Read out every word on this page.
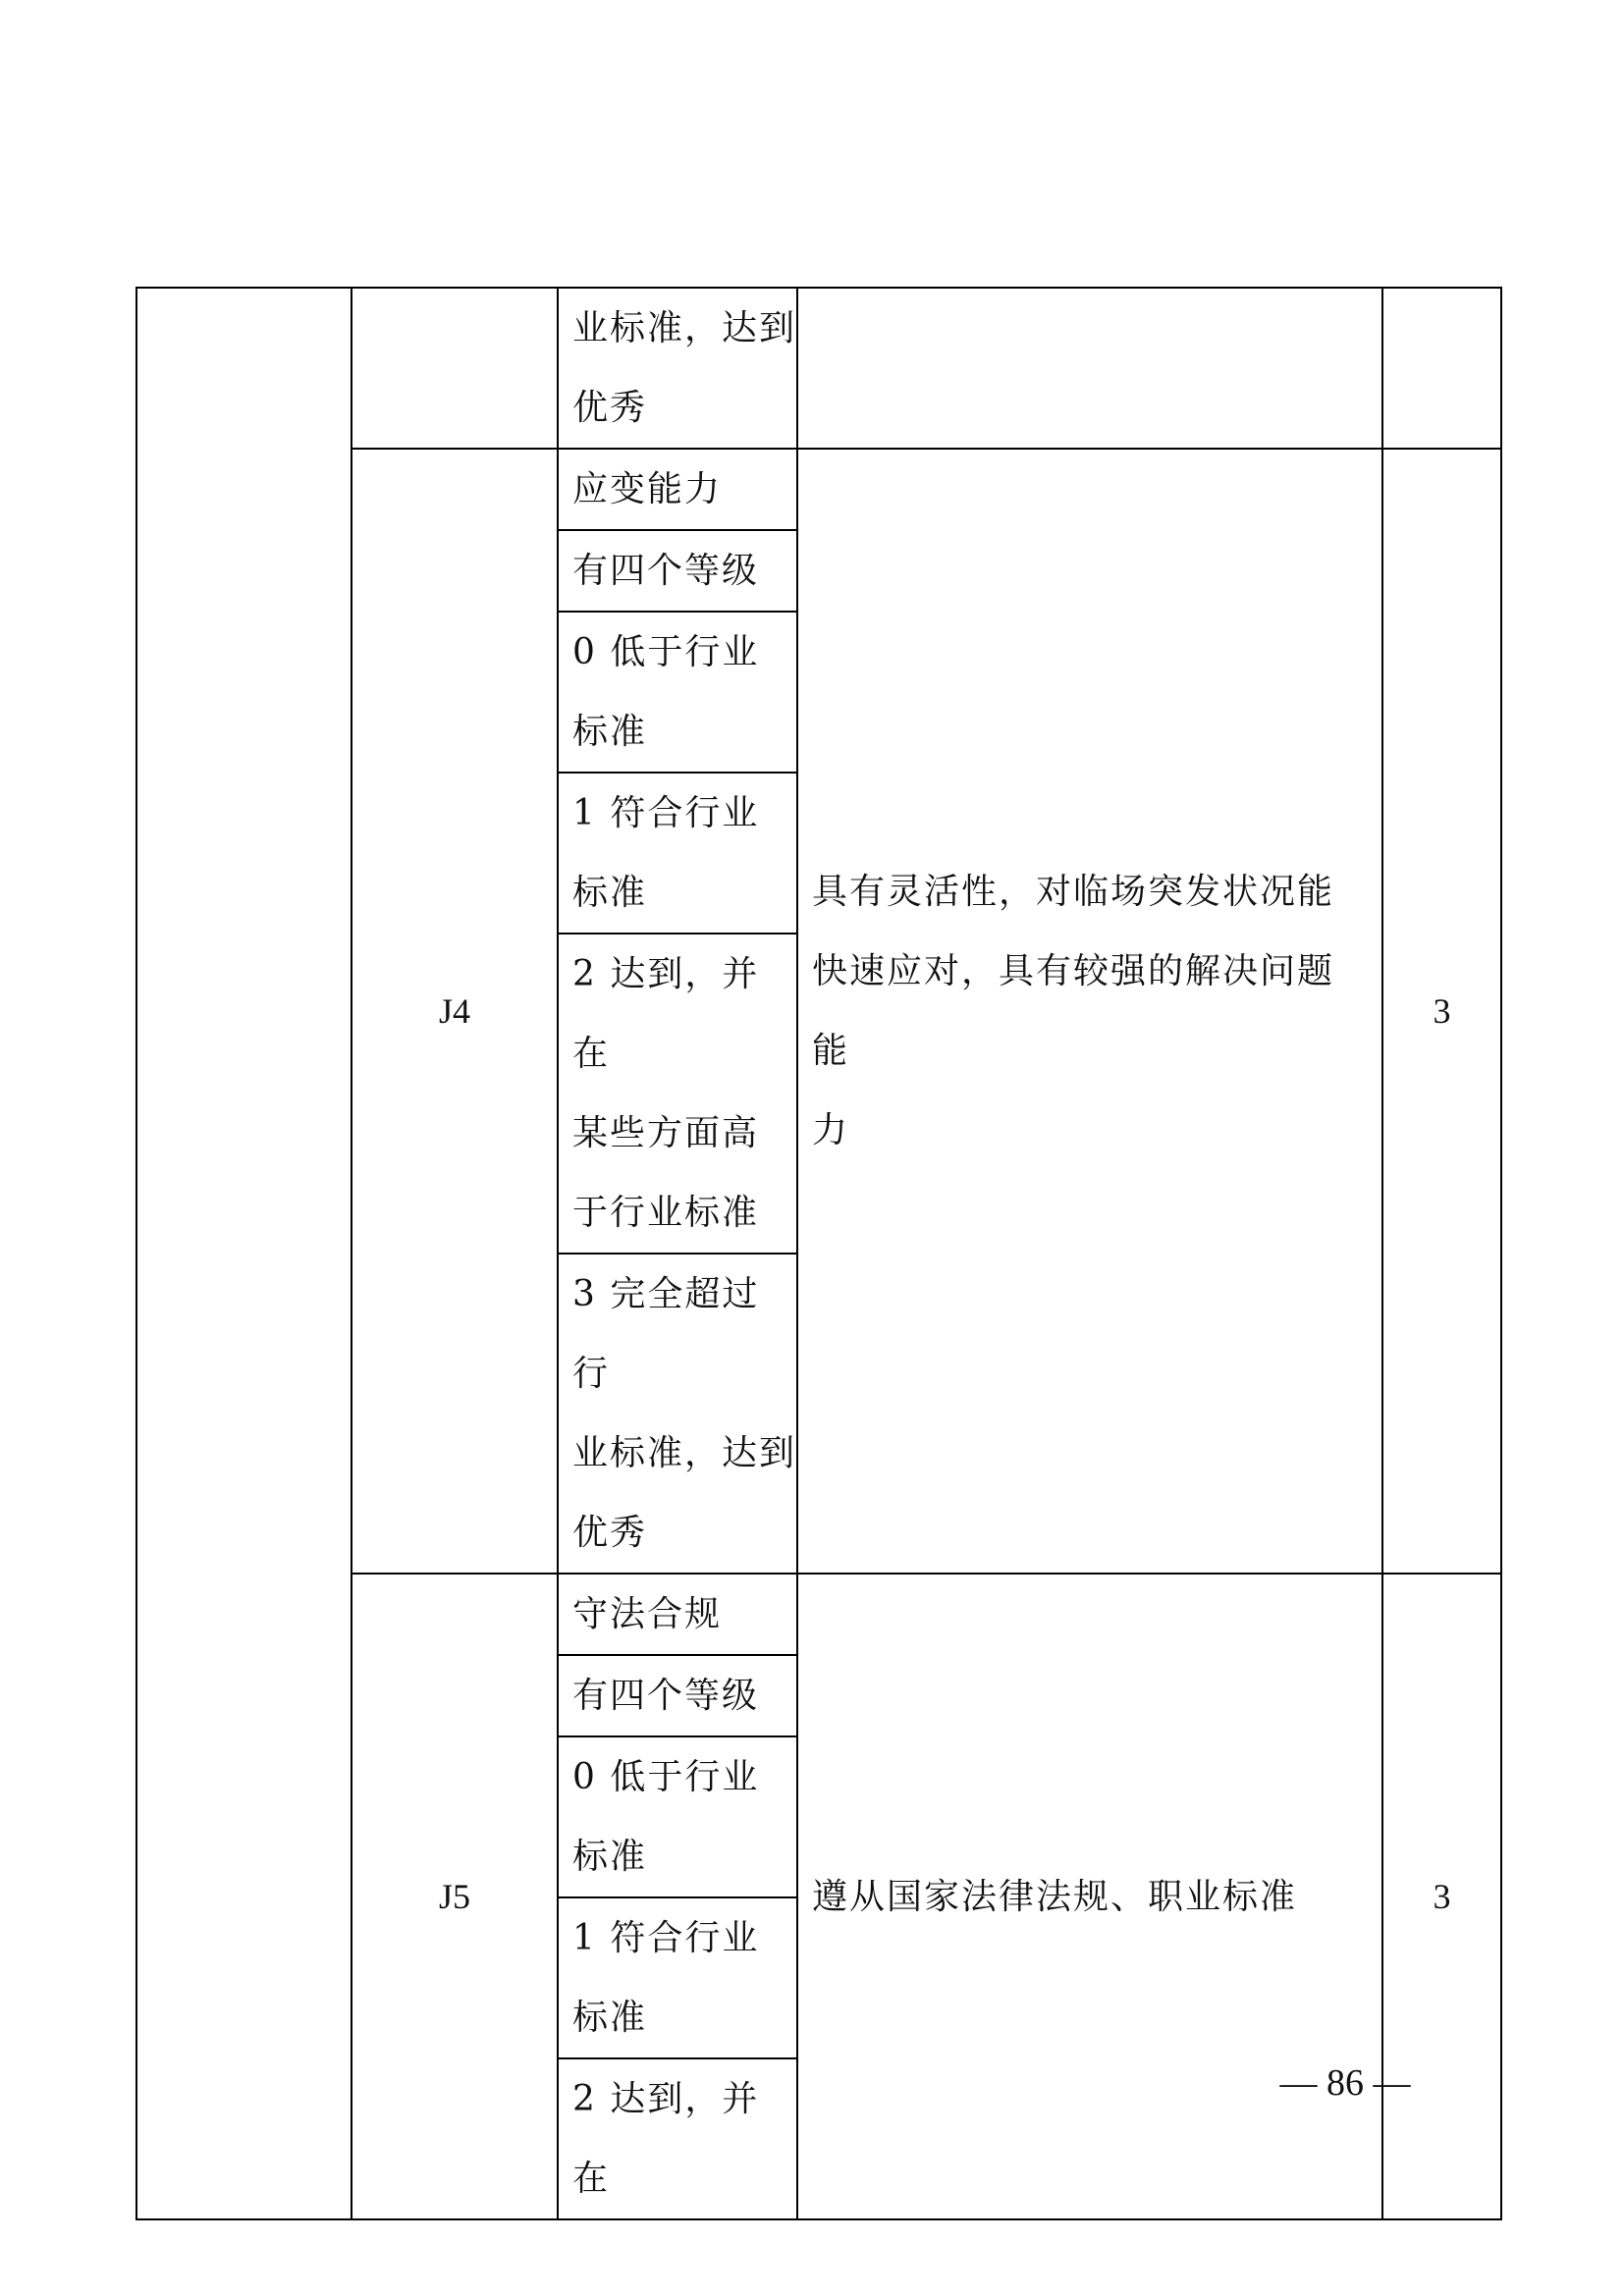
		业标准，达到
优秀		

	J4	应变能力	具有灵活性，对临场突发状况能
快速应对，具有较强的解决问题能
力	3

		有四个等级		

		0 低于行业
标准		

		1 符合行业
标准		

		2 达到，并在
某些方面高
于行业标准		

		3 完全超过行
业标准，达到
优秀		

	J5	守法合规	遵从国家法律法规、职业标准	3

		有四个等级		

		0 低于行业
标准		

		1 符合行业
标准		

		2 达到，并在		
— 86 —
